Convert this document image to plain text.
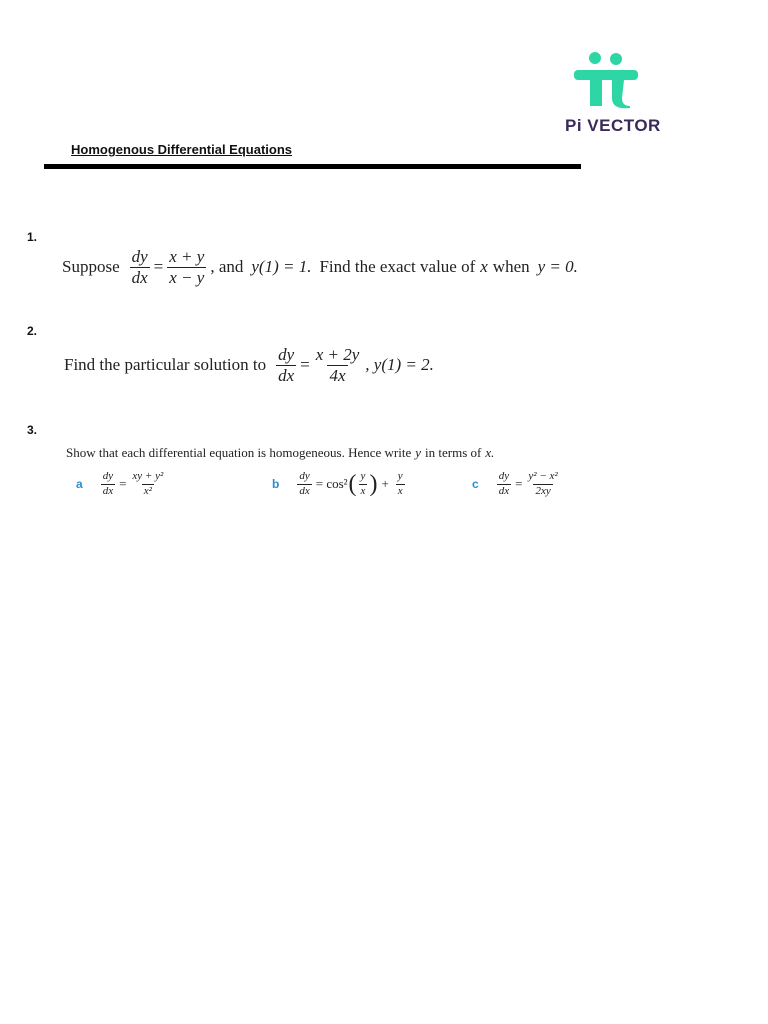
Pi VECTOR
Homogenous Differential Equations
1.
Suppose $\frac{dy}{dx} = \frac{x + y}{x - y}$ , and y(1) = 1. Find the exact value of x when y = 0.
2.
Find the particular solution to $\frac{dy}{dx} = \frac{x + 2y}{4x}$ , y(1) = 2.
3.
Show that each differential equation is homogeneous. Hence write y in terms of x.
a $\frac{dy}{dx} = \frac{\text{xy + y²}}{\text{x²}}$	b $\frac{dy}{dx} = \cos^2$ ( $\frac{y}{x}$ ) + $\frac{y}{x}$	c $\frac{dy}{dx} = \frac{\text{y² − x²}}{2xy}$
